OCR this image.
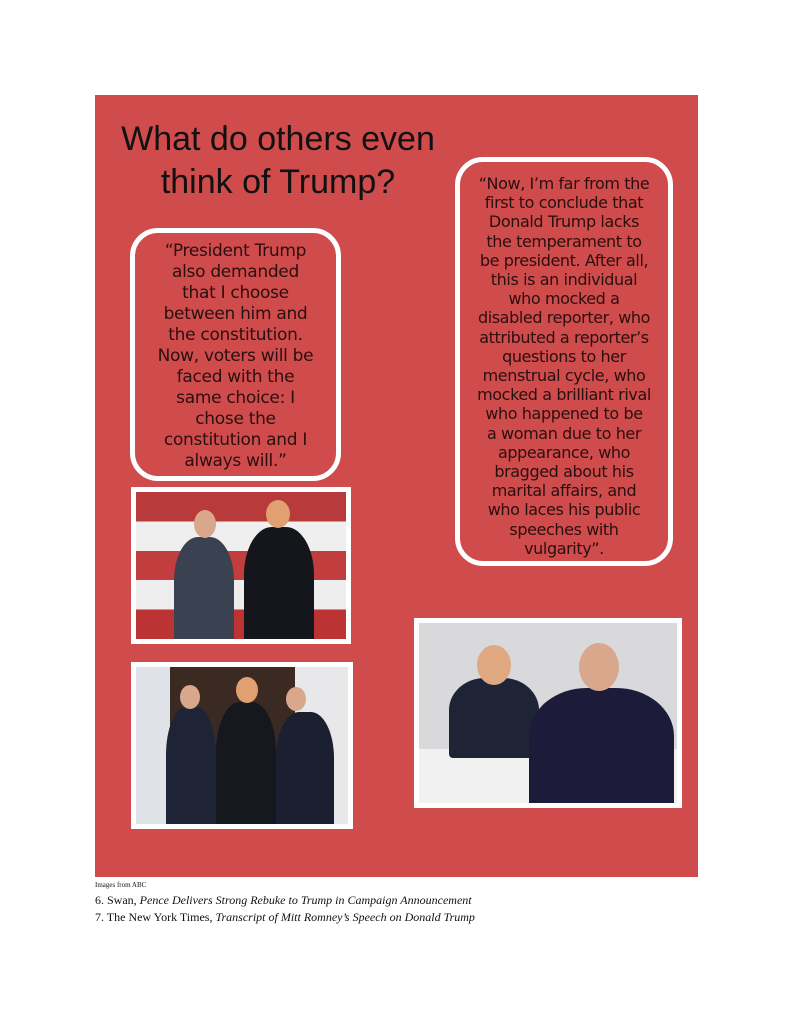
What do others even
think of Trump?
“President Trump
also demanded
that I choose
between him and
the constitution.
Now, voters will be
faced with the
same choice: I
chose the
constitution and I
always will.”
“Now, I’m far from the
first to conclude that
Donald Trump lacks
the temperament to
be president. After all,
this is an individual
who mocked a
disabled reporter, who
attributed a reporter’s
questions to her
menstrual cycle, who
mocked a brilliant rival
who happened to be
a woman due to her
appearance, who
bragged about his
marital affairs, and
who laces his public
speeches with
vulgarity”.
Images from ABC
6. Swan, Pence Delivers Strong Rebuke to Trump in Campaign Announcement
7. The New York Times, Transcript of Mitt Romney’s Speech on Donald Trump
